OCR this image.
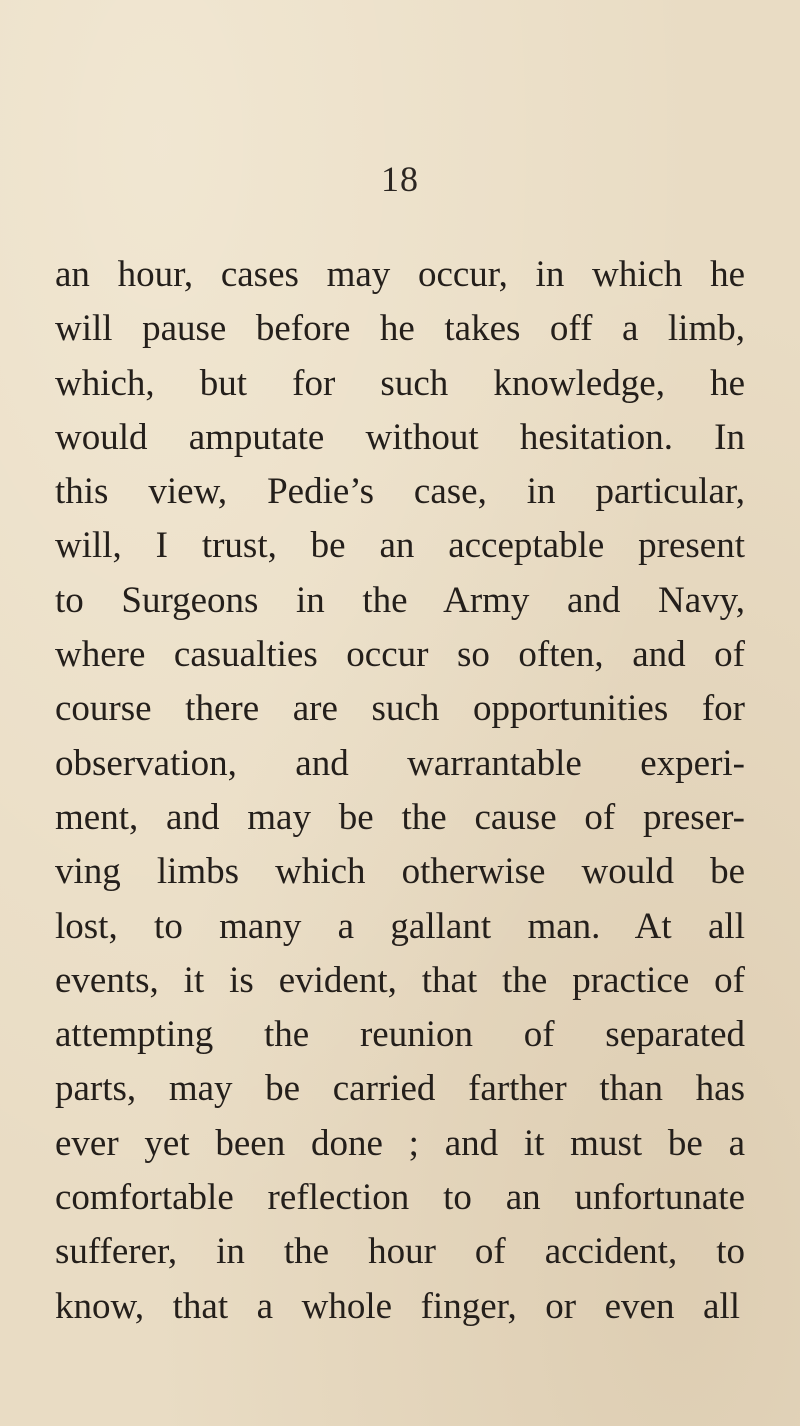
18
an hour, cases may occur, in which he
will pause before he takes off a limb,
which, but for such knowledge, he
would amputate without hesitation. In
this view, Pedie’s case, in particular,
will, I trust, be an acceptable present
to Surgeons in the Army and Navy,
where casualties occur so often, and of
course there are such opportunities for
observation, and warrantable experi-
ment, and may be the cause of preser-
ving limbs which otherwise would be
lost, to many a gallant man. At all
events, it is evident, that the practice of
attempting the reunion of separated
parts, may be carried farther than has
ever yet been done ; and it must be a
comfortable reflection to an unfortunate
sufferer, in the hour of accident, to
know, that a whole finger, or even all
